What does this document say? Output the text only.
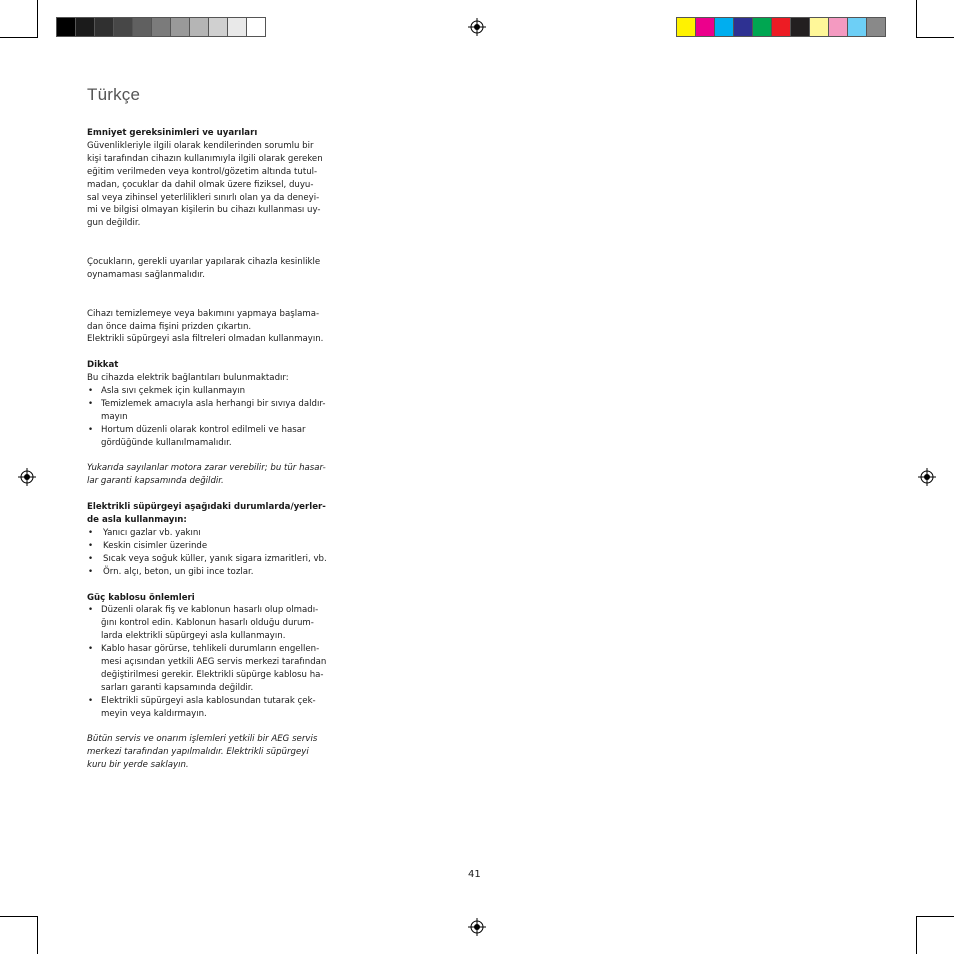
Türkçe

Emniyet gereksinimleri ve uyarıları

Güvenlikleriyle ilgili olarak kendilerinden sorumlu bir

kişi tarafından cihazın kullanımıyla ilgili olarak gereken

eğitim verilmeden veya kontrol/gözetim altında tutul-

madan, çocuklar da dahil olmak üzere fiziksel, duyu-

sal veya zihinsel yeterlilikleri sınırlı olan ya da deneyi-

mi ve bilgisi olmayan kişilerin bu cihazı kullanması uy-

gun değildir.

Çocukların, gerekli uyarılar yapılarak cihazla kesinlikle

oynamaması sağlanmalıdır.

Cihazı temizlemeye veya bakımını yapmaya başlama-

dan önce daima fişini prizden çıkartın.

Elektrikli süpürgeyi asla filtreleri olmadan kullanmayın.

Dikkat

Bu cihazda elektrik bağlantıları bulunmaktadır:

• Asla sıvı çekmek için kullanmayın

• Temizlemek amacıyla asla herhangi bir sıvıya daldır-

mayın

• Hortum düzenli olarak kontrol edilmeli ve hasar

gördüğünde kullanılmamalıdır.

Yukarıda sayılanlar motora zarar verebilir; bu tür hasar-

lar garanti kapsamında değildir.

Elektrikli süpürgeyi aşağıdaki durumlarda/yerler-

de asla kullanmayın:

•	Yanıcı gazlar vb. yakını

•	Keskin cisimler üzerinde

•	Sıcak veya soğuk küller, yanık sigara izmaritleri, vb.

•	Örn. alçı, beton, un gibi ince tozlar.

Güç kablosu önlemleri

• Düzenli olarak fiş ve kablonun hasarlı olup olmadı-

ğını kontrol edin. Kablonun hasarlı olduğu durum-

larda elektrikli süpürgeyi asla kullanmayın.

• Kablo hasar görürse, tehlikeli durumların engellen-

mesi açısından yetkili AEG servis merkezi tarafından

değiştirilmesi gerekir. Elektrikli süpürge kablosu ha-

sarları garanti kapsamında değildir.

• Elektrikli süpürgeyi asla kablosundan tutarak çek-

meyin veya kaldırmayın.

Bütün servis ve onarım işlemleri yetkili bir AEG servis

merkezi tarafından yapılmalıdır. Elektrikli süpürgeyi

kuru bir yerde saklayın.

41
